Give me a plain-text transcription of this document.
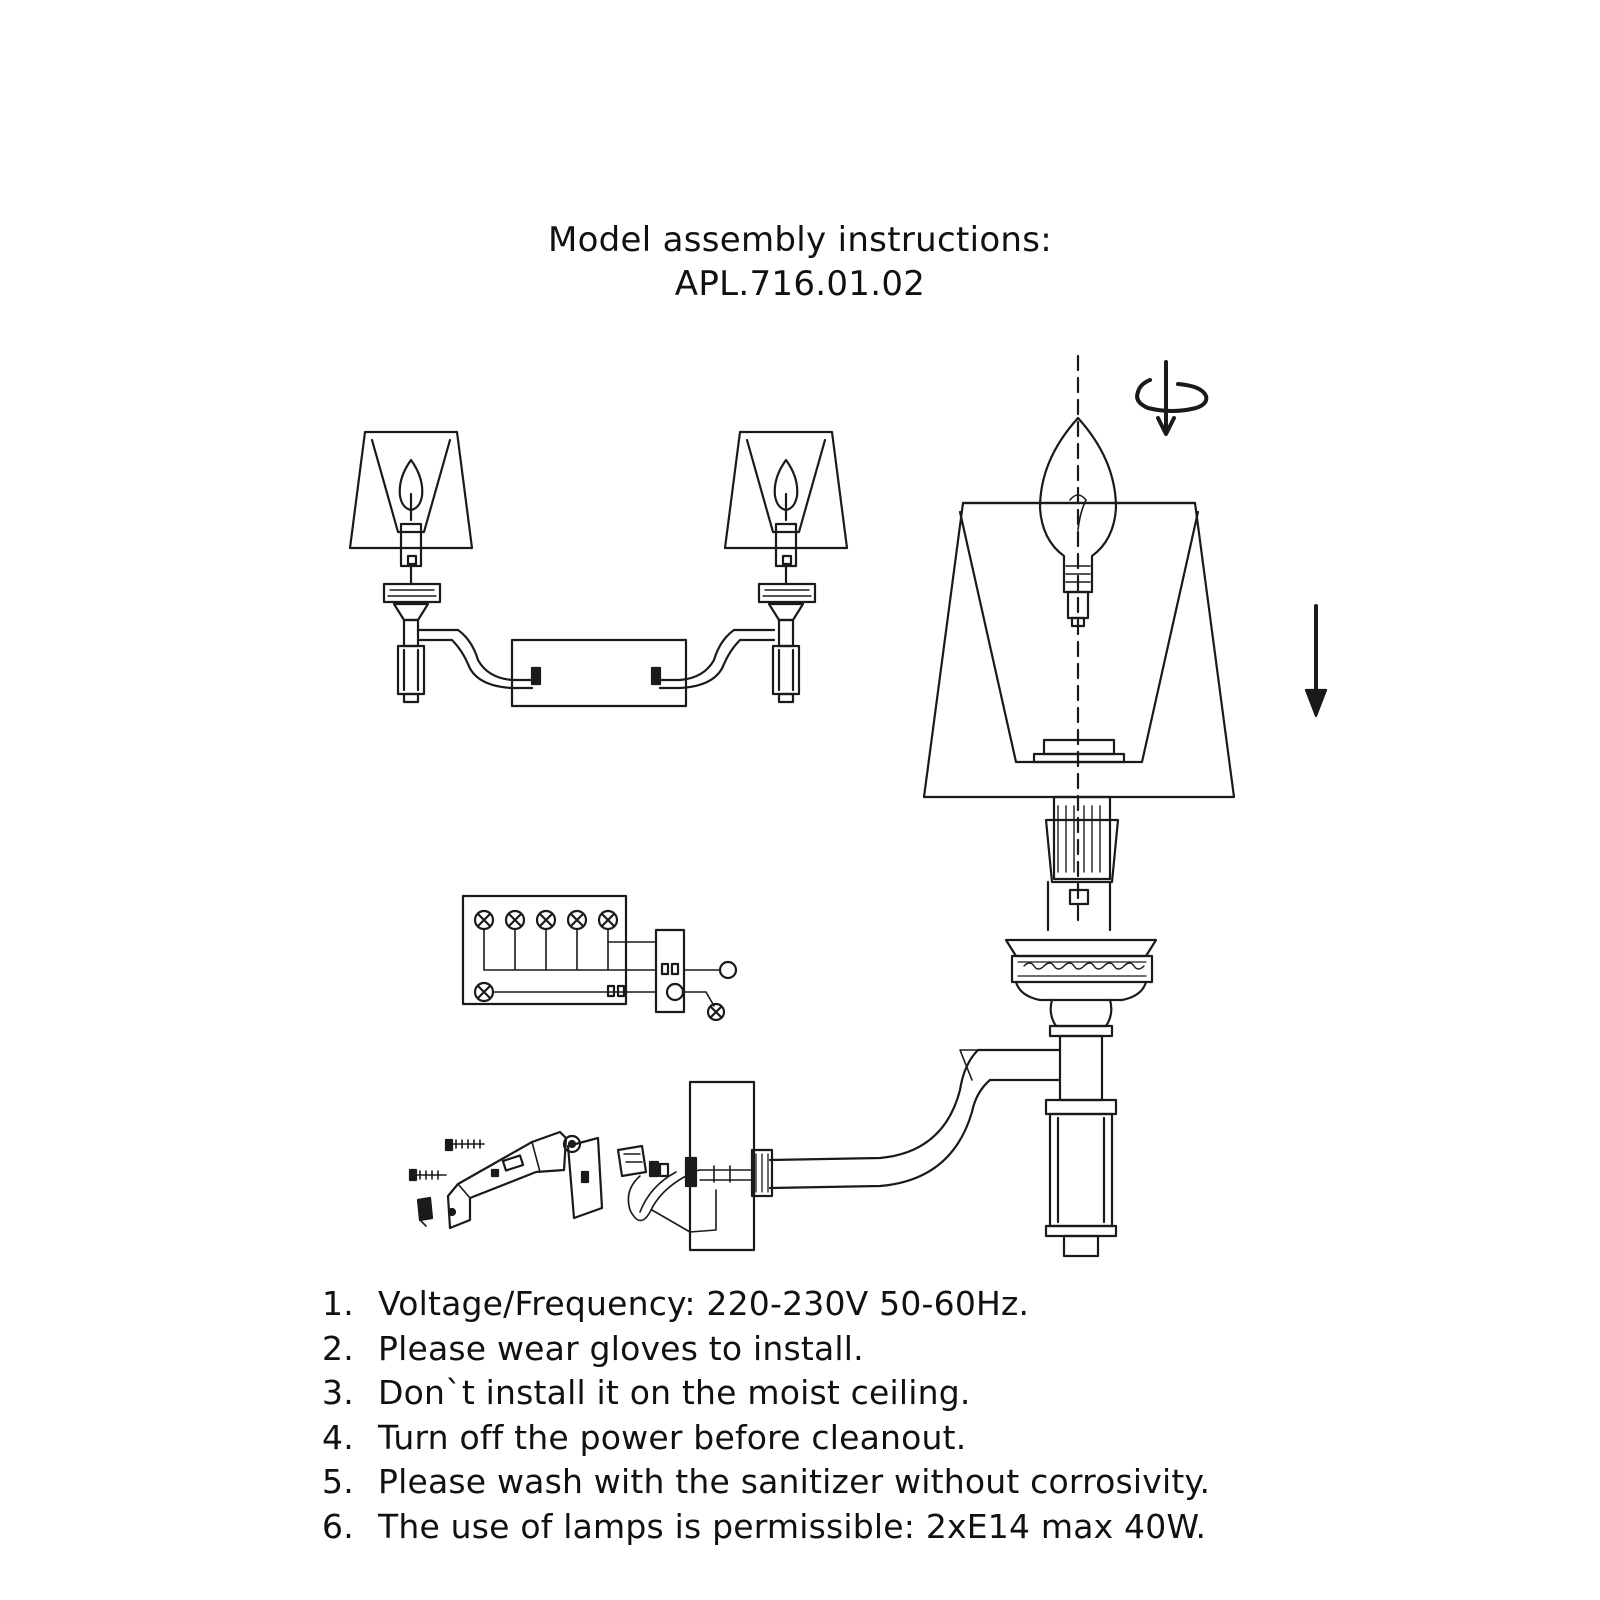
Model assembly instructions:
APL.716.01.02
1. Voltage/Frequency: 220-230V 50-60Hz.
2. Please wear gloves to install.
3. Don`t install it on the moist ceiling.
4. Turn off the power before cleanout.
5. Please wash with the sanitizer without corrosivity.
6. The use of lamps is permissible: 2xE14 max 40W.
